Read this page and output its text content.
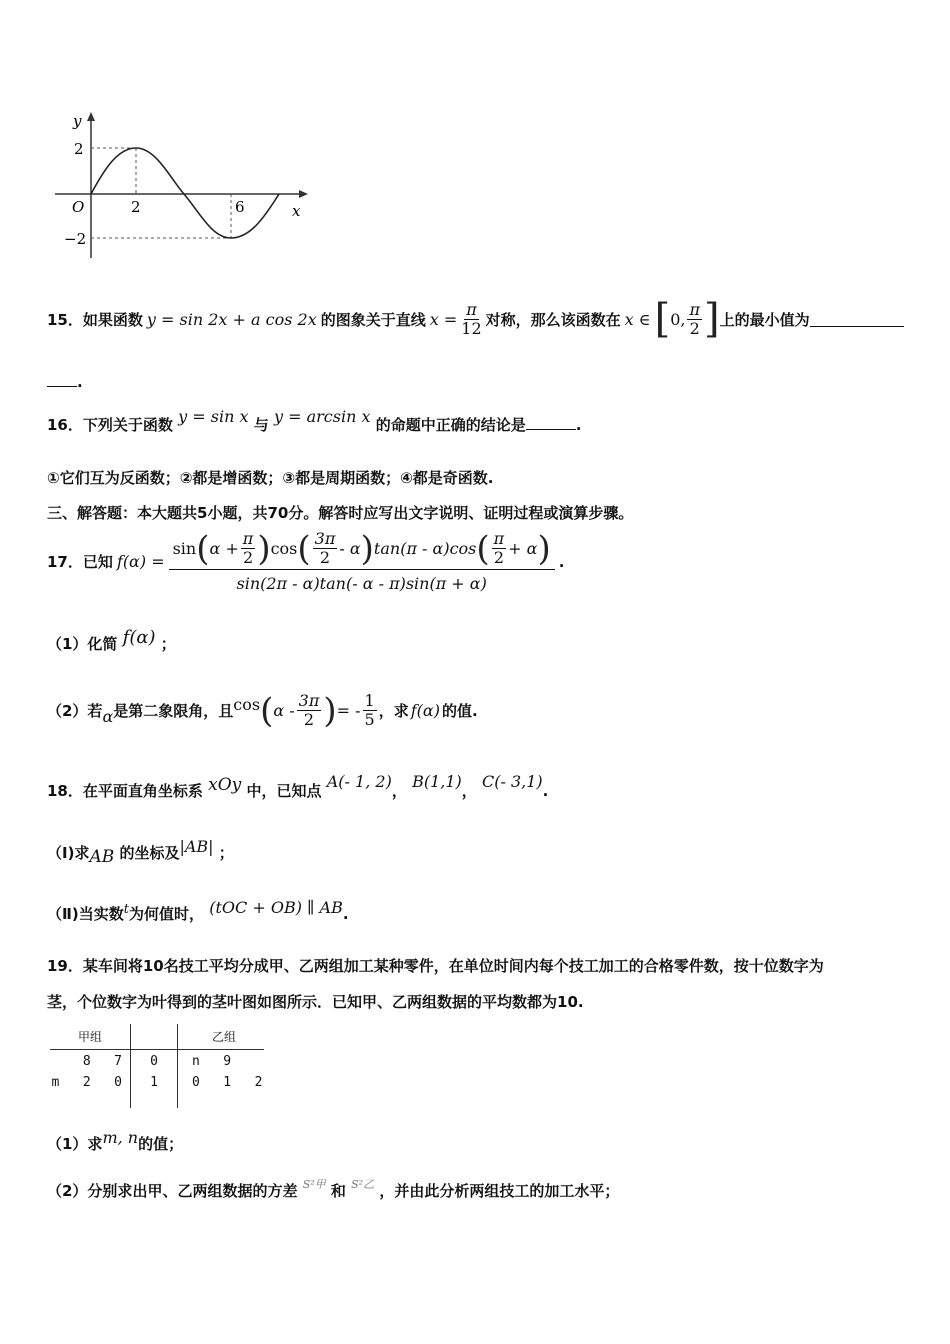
y
x
O
2
−2
2	6
15． 如果函数 y = sin 2x + a cos 2x 的图象关于直线 $x = \frac{\pi}{12}$ 对称，那么该函数在 x ∈ [ 0, $\frac{\pi}{2}$ ] 上的最小值为
.
16．下列关于函数 y = sin x 与 y = arcsin x 的命题中正确的结论是	.
①它们互为反函数；②都是增函数；③都是周期函数；④都是奇函数.
三、解答题：本大题共5小题，共70分。解答时应写出文字说明、证明过程或演算步骤。
17． 已知 f(α) =
sin ( $\alpha + \frac{\pi}{2}$ ) cos ( $\frac{3\pi}{2}$ - α ) tan(π - α)cos ( $\frac{\pi}{2} + \alpha$ )
sin(2π - α)tan(- α - π)sin(π + α)
.
（1）化简 f(α) ；
（2）若 α 是第二象限角，且 cos ( α - $\frac{3\pi}{2}$ ) = - $\frac{1}{5}$ ，求 f(α) 的值.
18．在平面直角坐标系 xOy 中，已知点 A(- 1, 2)， B(1,1)， C(- 3,1).
（Ⅰ)求AB 的坐标及|AB| ；
（Ⅱ)当实数t为何值时， (tOC + OB) ∥ AB.
19．某车间将10名技工平均分成甲、乙两组加工某种零件，在单位时间内每个技工加工的合格零件数，按十位数字为
茎，个位数字为叶得到的茎叶图如图所示．已知甲、乙两组数据的平均数都为10.
甲组			乙组
8   7	0		n   9
m   2   0	1		0   1   2
（1）求m, n的值；
（2）分别求出甲、乙两组数据的方差 $^{S^2甲}$ 和 $^{S^2乙}$ ，并由此分析两组技工的加工水平；
